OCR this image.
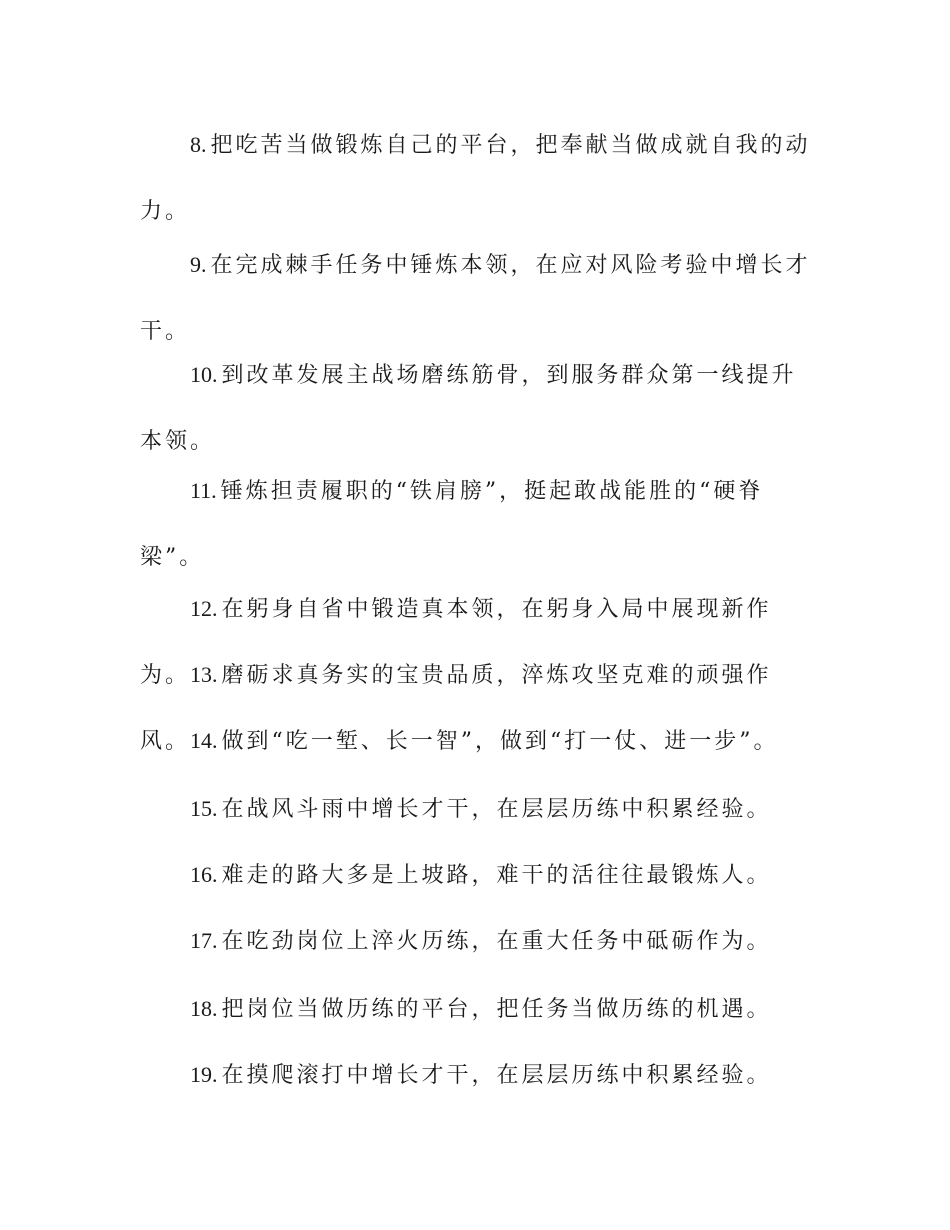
8. 把吃苦当做锻炼自己的平台，把奉献当做成就自我的动力。

9. 在完成棘手任务中锤炼本领，在应对风险考验中增长才干。

10. 到改革发展主战场磨练筋骨，到服务群众第一线提升本领。

11. 锤炼担责履职的“铁肩膀”，挺起敢战能胜的“硬脊梁”。

12. 在躬身自省中锻造真本领，在躬身入局中展现新作为。 13. 磨砺求真务实的宝贵品质，淬炼攻坚克难的顽强作风。 14. 做到“吃一堑、长一智”，做到“打一仗、进一步”。

15. 在战风斗雨中增长才干，在层层历练中积累经验。

16. 难走的路大多是上坡路，难干的活往往最锻炼人。

17. 在吃劲岗位上淬火历练，在重大任务中砥砺作为。

18. 把岗位当做历练的平台，把任务当做历练的机遇。

19. 在摸爬滚打中增长才干，在层层历练中积累经验。
